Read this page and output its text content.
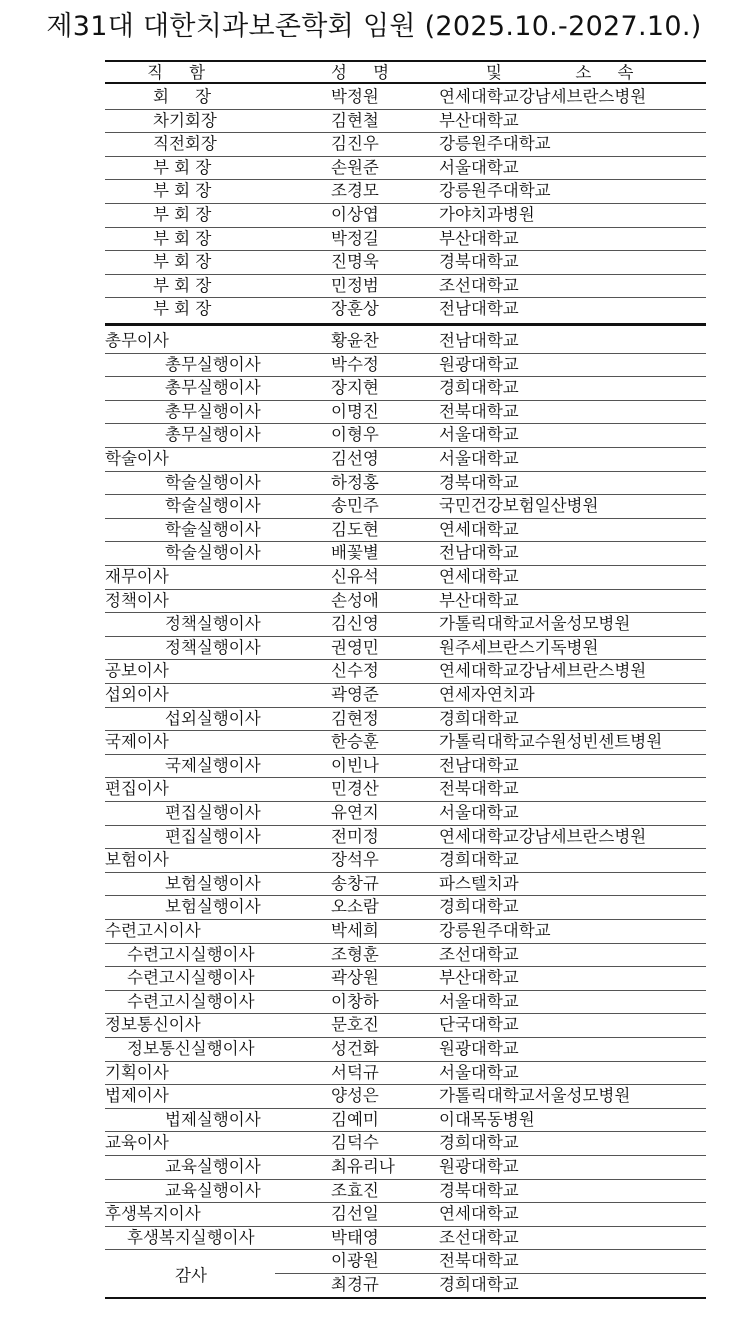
제31대 대한치과보존학회 임원 (2025.10.-2027.10.)
직     함	성     명	및              소     속
회     장	박정원	연세대학교강남세브란스병원
차기회장	김현철	부산대학교
직전회장	김진우	강릉원주대학교
부 회 장	손원준	서울대학교
부 회 장	조경모	강릉원주대학교
부 회 장	이상엽	가야치과병원
부 회 장	박정길	부산대학교
부 회 장	진명욱	경북대학교
부 회 장	민정범	조선대학교
부 회 장	장훈상	전남대학교
총무이사	황윤찬	전남대학교
총무실행이사	박수정	원광대학교
총무실행이사	장지현	경희대학교
총무실행이사	이명진	전북대학교
총무실행이사	이형우	서울대학교
학술이사	김선영	서울대학교
학술실행이사	하정홍	경북대학교
학술실행이사	송민주	국민건강보험일산병원
학술실행이사	김도현	연세대학교
학술실행이사	배꽃별	전남대학교
재무이사	신유석	연세대학교
정책이사	손성애	부산대학교
정책실행이사	김신영	가톨릭대학교서울성모병원
정책실행이사	권영민	원주세브란스기독병원
공보이사	신수정	연세대학교강남세브란스병원
섭외이사	곽영준	연세자연치과
섭외실행이사	김현정	경희대학교
국제이사	한승훈	가톨릭대학교수원성빈센트병원
국제실행이사	이빈나	전남대학교
편집이사	민경산	전북대학교
편집실행이사	유연지	서울대학교
편집실행이사	전미정	연세대학교강남세브란스병원
보험이사	장석우	경희대학교
보험실행이사	송창규	파스텔치과
보험실행이사	오소람	경희대학교
수련고시이사	박세희	강릉원주대학교
수련고시실행이사	조형훈	조선대학교
수련고시실행이사	곽상원	부산대학교
수련고시실행이사	이창하	서울대학교
정보통신이사	문호진	단국대학교
정보통신실행이사	성건화	원광대학교
기획이사	서덕규	서울대학교
법제이사	양성은	가톨릭대학교서울성모병원
법제실행이사	김예미	이대목동병원
교육이사	김덕수	경희대학교
교육실행이사	최유리나	원광대학교
교육실행이사	조효진	경북대학교
후생복지이사	김선일	연세대학교
후생복지실행이사	박태영	조선대학교
감사
이광원	전북대학교
최경규	경희대학교
